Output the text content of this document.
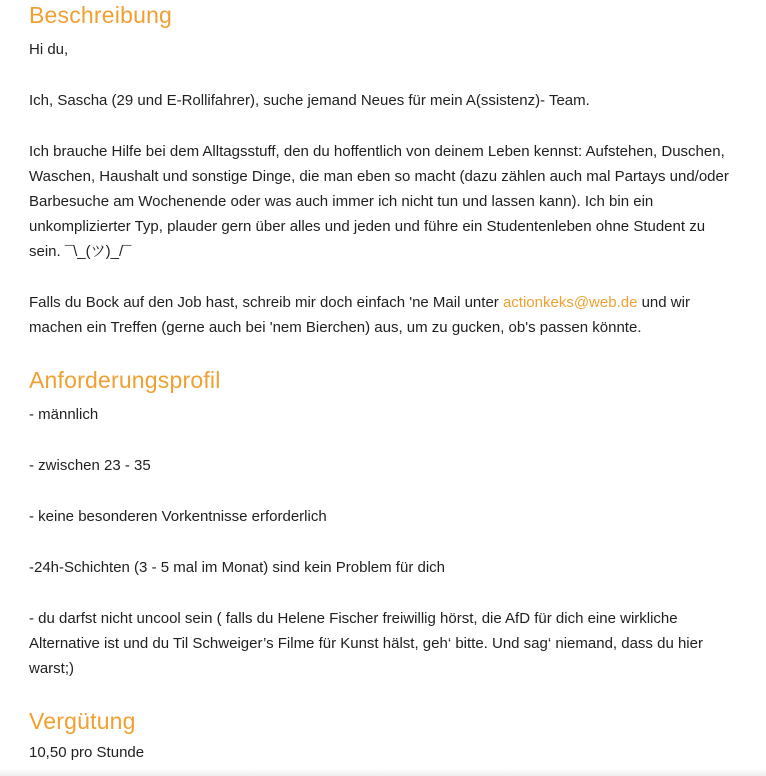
Beschreibung

Hi du,

Ich, Sascha (29 und E-Rollifahrer), suche jemand Neues für mein A(ssistenz)- Team.

Ich brauche Hilfe bei dem Alltagsstuff, den du hoffentlich von deinem Leben kennst: Aufstehen, Duschen, Waschen, Haushalt und sonstige Dinge, die man eben so macht (dazu zählen auch mal Partays und/oder Barbesuche am Wochenende oder was auch immer ich nicht tun und lassen kann). Ich bin ein unkomplizierter Typ, plauder gern über alles und jeden und führe ein Studentenleben ohne Student zu sein. ¯\_(ツ)_/¯

Falls du Bock auf den Job hast, schreib mir doch einfach 'ne Mail unter actionkeks@web.de und wir machen ein Treffen (gerne auch bei 'nem Bierchen) aus, um zu gucken, ob's passen könnte.

Anforderungsprofil

- männlich

- zwischen 23 - 35

- keine besonderen Vorkentnisse erforderlich

-24h-Schichten (3 - 5 mal im Monat) sind kein Problem für dich

- du darfst nicht uncool sein ( falls du Helene Fischer freiwillig hörst, die AfD für dich eine wirkliche Alternative ist und du Til Schweiger’s Filme für Kunst hälst, geh‘ bitte. Und sag‘ niemand, dass du hier warst;)

Vergütung

10,50 pro Stunde
